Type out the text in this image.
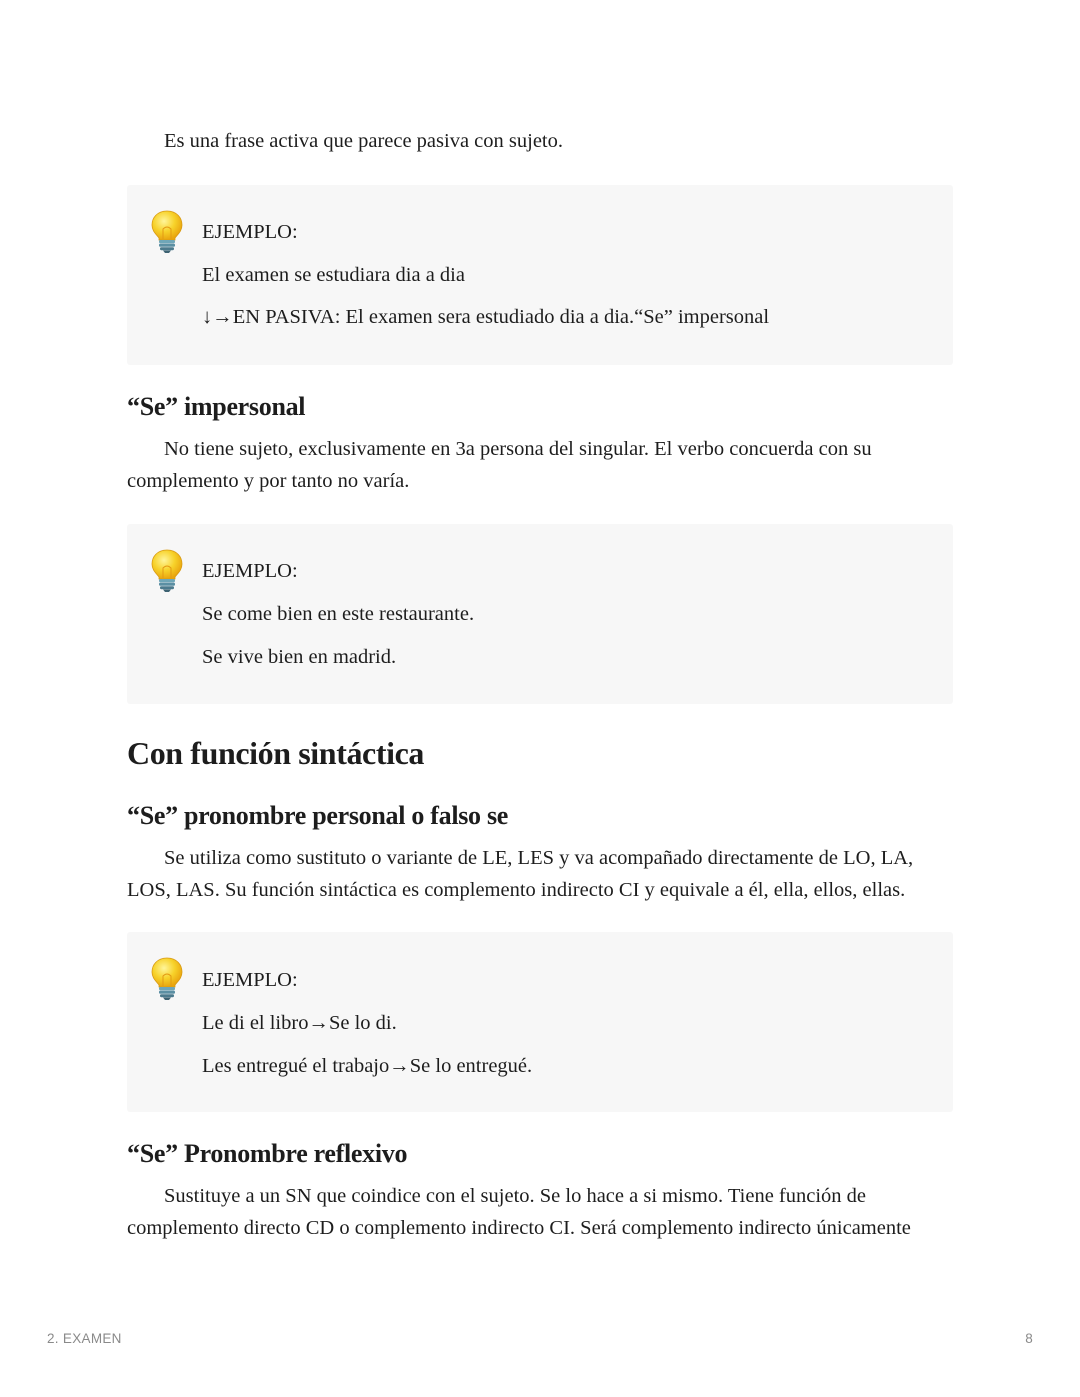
Es una frase activa que parece pasiva con sujeto.

EJEMPLO:
El examen se estudiara dia a dia
↓→EN PASIVA: El examen sera estudiado dia a dia.“Se” impersonal
“Se” impersonal

No tiene sujeto, exclusivamente en 3a persona del singular. El verbo concuerda con su complemento y por tanto no varía.

EJEMPLO:
Se come bien en este restaurante.
Se vive bien en madrid.
Con función sintáctica
“Se” pronombre personal o falso se

Se utiliza como sustituto o variante de LE, LES y va acompañado directamente de LO, LA, LOS, LAS. Su función sintáctica es complemento indirecto CI y equivale a él, ella, ellos, ellas.

EJEMPLO:
Le di el libro→Se lo di.
Les entregué el trabajo→Se lo entregué.
“Se” Pronombre reflexivo

Sustituye a un SN que coindice con el sujeto. Se lo hace a si mismo. Tiene función de complemento directo CD o complemento indirecto CI. Será complemento indirecto únicamente

2. EXAMEN	8
